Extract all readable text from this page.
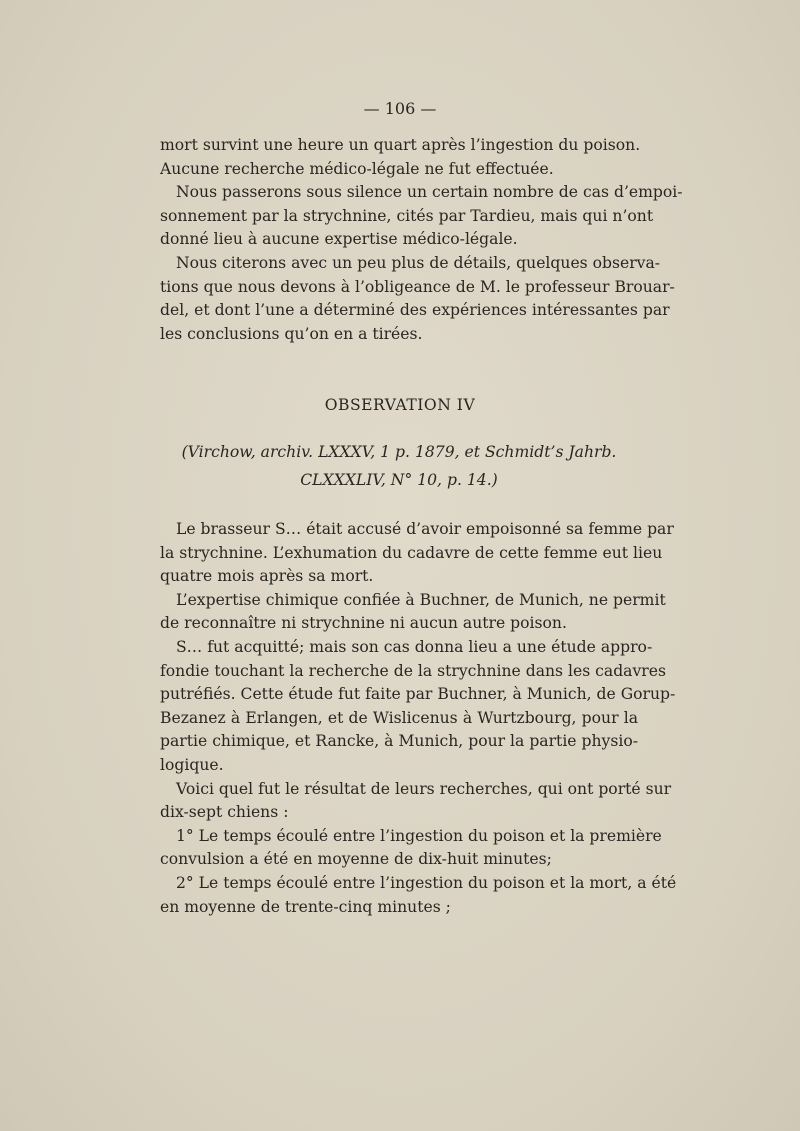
— 106 —

mort survint une heure un quart après l’ingestion du poison.
Aucune recherche médico-légale ne fut effectuée.

Nous passerons sous silence un certain nombre de cas d’empoi-
sonnement par la strychnine, cités par Tardieu, mais qui n’ont
donné lieu à aucune expertise médico-légale.

Nous citerons avec un peu plus de détails, quelques observa-
tions que nous devons à l’obligeance de M. le professeur Brouar-
del, et dont l’une a déterminé des expériences intéressantes par
les conclusions qu’on en a tirées.

OBSERVATION IV
(Virchow, archiv. LXXXV, 1 p. 1879, et Schmidt’s Jahrb.
CLXXXLIV, N° 10, p. 14.)

Le brasseur S… était accusé d’avoir empoisonné sa femme par
la strychnine. L’exhumation du cadavre de cette femme eut lieu
quatre mois après sa mort.

L’expertise chimique confiée à Buchner, de Munich, ne permit
de reconnaître ni strychnine ni aucun autre poison.

S… fut acquitté; mais son cas donna lieu a une étude appro-
fondie touchant la recherche de la strychnine dans les cadavres
putréfiés. Cette étude fut faite par Buchner, à Munich, de Gorup-
Bezanez à Erlangen, et de Wislicenus à Wurtzbourg, pour la
partie chimique, et Rancke, à Munich, pour la partie physio-
logique.

Voici quel fut le résultat de leurs recherches, qui ont porté sur
dix-sept chiens :

1° Le temps écoulé entre l’ingestion du poison et la première
convulsion a été en moyenne de dix-huit minutes;

2° Le temps écoulé entre l’ingestion du poison et la mort, a été
en moyenne de trente-cinq minutes ;
